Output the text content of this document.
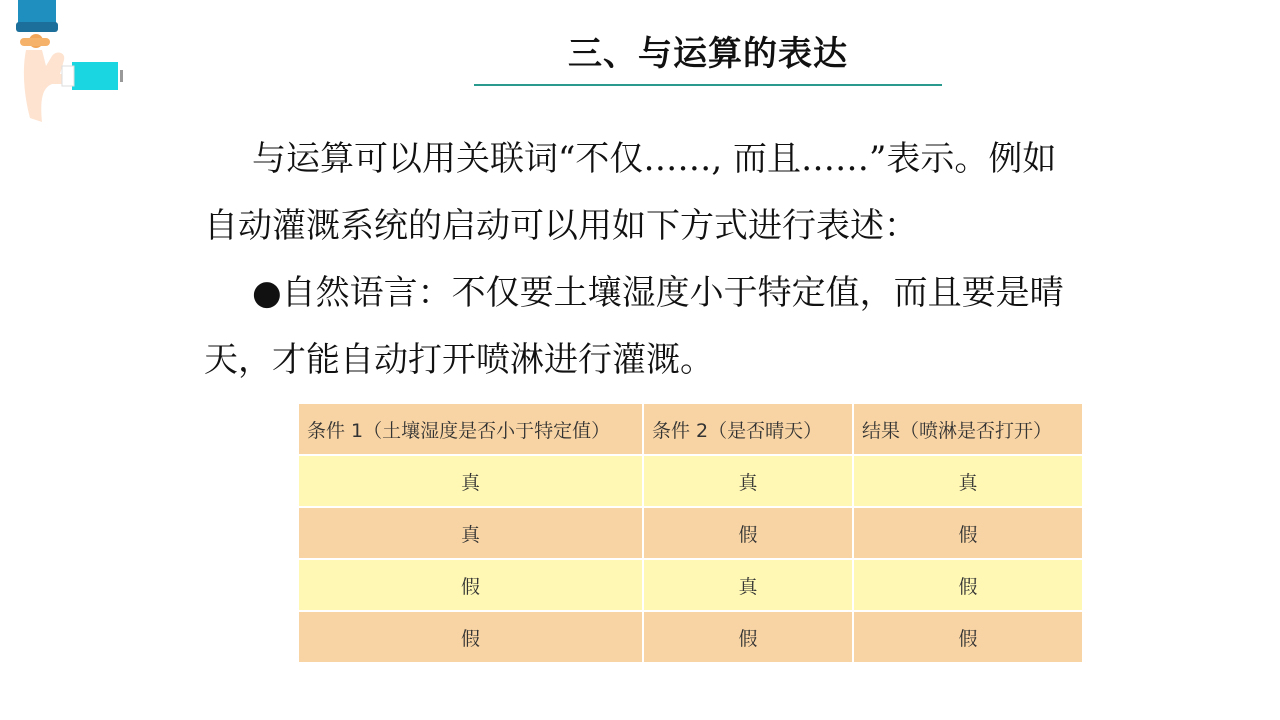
三、与运算的表达

与运算可以用关联词“不仅……, 而且……”表示。例如

自动灌溉系统的启动可以用如下方式进行表述：

●自然语言：不仅要土壤湿度小于特定值，而且要是晴

天，才能自动打开喷淋进行灌溉。

条件 1（土壤湿度是否小于特定值）	条件 2（是否晴天）	结果（喷淋是否打开）
真	真	真
真	假	假
假	真	假
假	假	假
